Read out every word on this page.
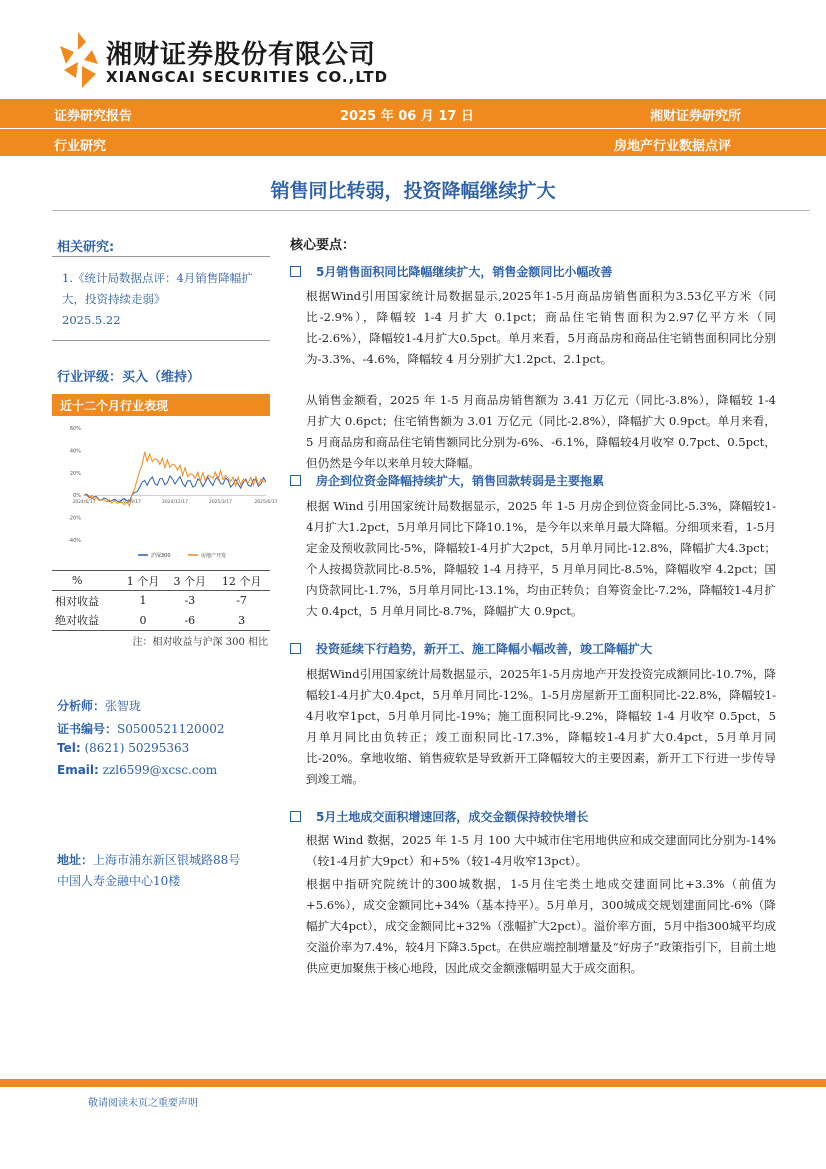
湘财证券股份有限公司
XIANGCAI SECURITIES CO.,LTD
证券研究报告	2025 年 06 月 17 日	湘财证券研究所
行业研究	房地产行业数据点评
销售同比转弱，投资降幅继续扩大
相关研究:
1.《统计局数据点评：4月销售降幅扩大，投资持续走弱》
2025.5.22
行业评级：买入（维持）
近十二个月行业表现
60%
40%
20%
0%
-20%
-40%
2024/6/17	2024/9/17	2024/12/17	2025/3/17	2025/6/17
沪深300	房地产开发
%	1 个月	3 个月	12 个月
相对收益	1	-3	-7
绝对收益	0	-6	3
注：相对收益与沪深 300 相比
分析师：张智珑
证书编号：S0500521120002
Tel: (8621) 50295363
Email: zzl6599@xcsc.com
地址：上海市浦东新区银城路88号
中国人寿金融中心10楼
核心要点：
5月销售面积同比降幅继续扩大，销售金额同比小幅改善
根据Wind引用国家统计局数据显示,2025年1-5月商品房销售面积为3.53亿平方米（同比-2.9%），降幅较 1-4 月扩大 0.1pct；商品住宅销售面积为2.97亿平方米（同比-2.6%），降幅较1-4月扩大0.5pct。单月来看，5月商品房和商品住宅销售面积同比分别为-3.3%、-4.6%，降幅较 4 月分别扩大1.2pct、2.1pct。
从销售金额看，2025 年 1-5 月商品房销售额为 3.41 万亿元（同比-3.8%），降幅较 1-4 月扩大 0.6pct；住宅销售额为 3.01 万亿元（同比-2.8%），降幅扩大 0.9pct。单月来看，5 月商品房和商品住宅销售额同比分别为-6%、-6.1%，降幅较4月收窄 0.7pct、0.5pct，但仍然是今年以来单月较大降幅。
房企到位资金降幅持续扩大，销售回款转弱是主要拖累
根据 Wind 引用国家统计局数据显示，2025 年 1-5 月房企到位资金同比-5.3%，降幅较1-4月扩大1.2pct，5月单月同比下降10.1%，是今年以来单月最大降幅。分细项来看，1-5月定金及预收款同比-5%，降幅较1-4月扩大2pct，5月单月同比-12.8%，降幅扩大4.3pct；个人按揭贷款同比-8.5%，降幅较 1-4 月持平，5 月单月同比-8.5%，降幅收窄 4.2pct；国内贷款同比-1.7%，5月单月同比-13.1%，均由正转负；自筹资金比-7.2%，降幅较1-4月扩大 0.4pct，5 月单月同比-8.7%，降幅扩大 0.9pct。
投资延续下行趋势，新开工、施工降幅小幅改善，竣工降幅扩大
根据Wind引用国家统计局数据显示，2025年1-5月房地产开发投资完成额同比-10.7%，降幅较1-4月扩大0.4pct，5月单月同比-12%。1-5月房屋新开工面积同比-22.8%，降幅较1-4月收窄1pct，5月单月同比-19%；施工面积同比-9.2%，降幅较 1-4 月收窄 0.5pct，5 月单月同比由负转正；竣工面积同比-17.3%，降幅较1-4月扩大0.4pct，5月单月同比-20%。拿地收缩、销售疲软是导致新开工降幅较大的主要因素，新开工下行进一步传导到竣工端。
5月土地成交面积增速回落，成交金额保持较快增长
根据 Wind 数据，2025 年 1-5 月 100 大中城市住宅用地供应和成交建面同比分别为-14%（较1-4月扩大9pct）和+5%（较1-4月收窄13pct）。
根据中指研究院统计的300城数据，1-5月住宅类土地成交建面同比+3.3%（前值为+5.6%），成交金额同比+34%（基本持平）。5月单月，300城成交规划建面同比-6%（降幅扩大4pct），成交金额同比+32%（涨幅扩大2pct）。溢价率方面，5月中指300城平均成交溢价率为7.4%，较4月下降3.5pct。在供应端控制增量及“好房子”政策指引下，目前土地供应更加聚焦于核心地段，因此成交金额涨幅明显大于成交面积。
敬请阅读末页之重要声明
